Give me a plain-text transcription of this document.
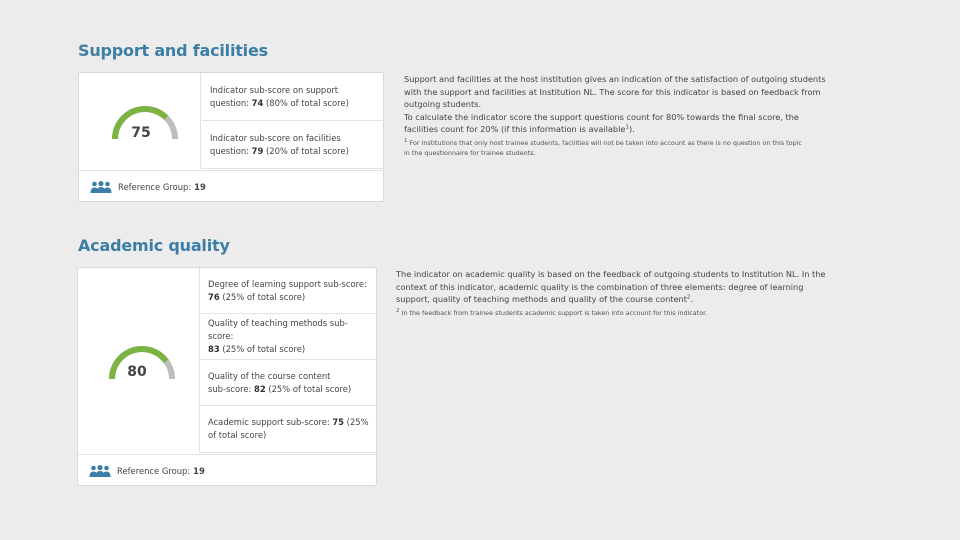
Support and facilities
75
Indicator sub-score on support
question: 74 (80% of total score)
Indicator sub-score on facilities
question: 79 (20% of total score)
Reference Group: 19

Support and facilities at the host institution gives an indication of the satisfaction of outgoing students

with the support and facilities at Institution NL. The score for this indicator is based on feedback from

outgoing students.

To calculate the indicator score the support questions count for 80% towards the final score, the

facilities count for 20% (if this information is available$^1$).

$^1$ For institutions that only host trainee students, facilities will not be taken into account as there is no question on this topic

in the questionnaire for trainee students.

Academic quality
80
Degree of learning support sub-score:
76 (25% of total score)
Quality of teaching methods sub-score:
83 (25% of total score)
Quality of the course content
sub-score: 82 (25% of total score)
Academic support sub-score: 75 (25%
of total score)
Reference Group: 19

The indicator on academic quality is based on the feedback of outgoing students to Institution NL. In the

context of this indicator, academic quality is the combination of three elements: degree of learning

support, quality of teaching methods and quality of the course content$^2$.

$^2$ In the feedback from trainee students academic support is taken into account for this indicator.
